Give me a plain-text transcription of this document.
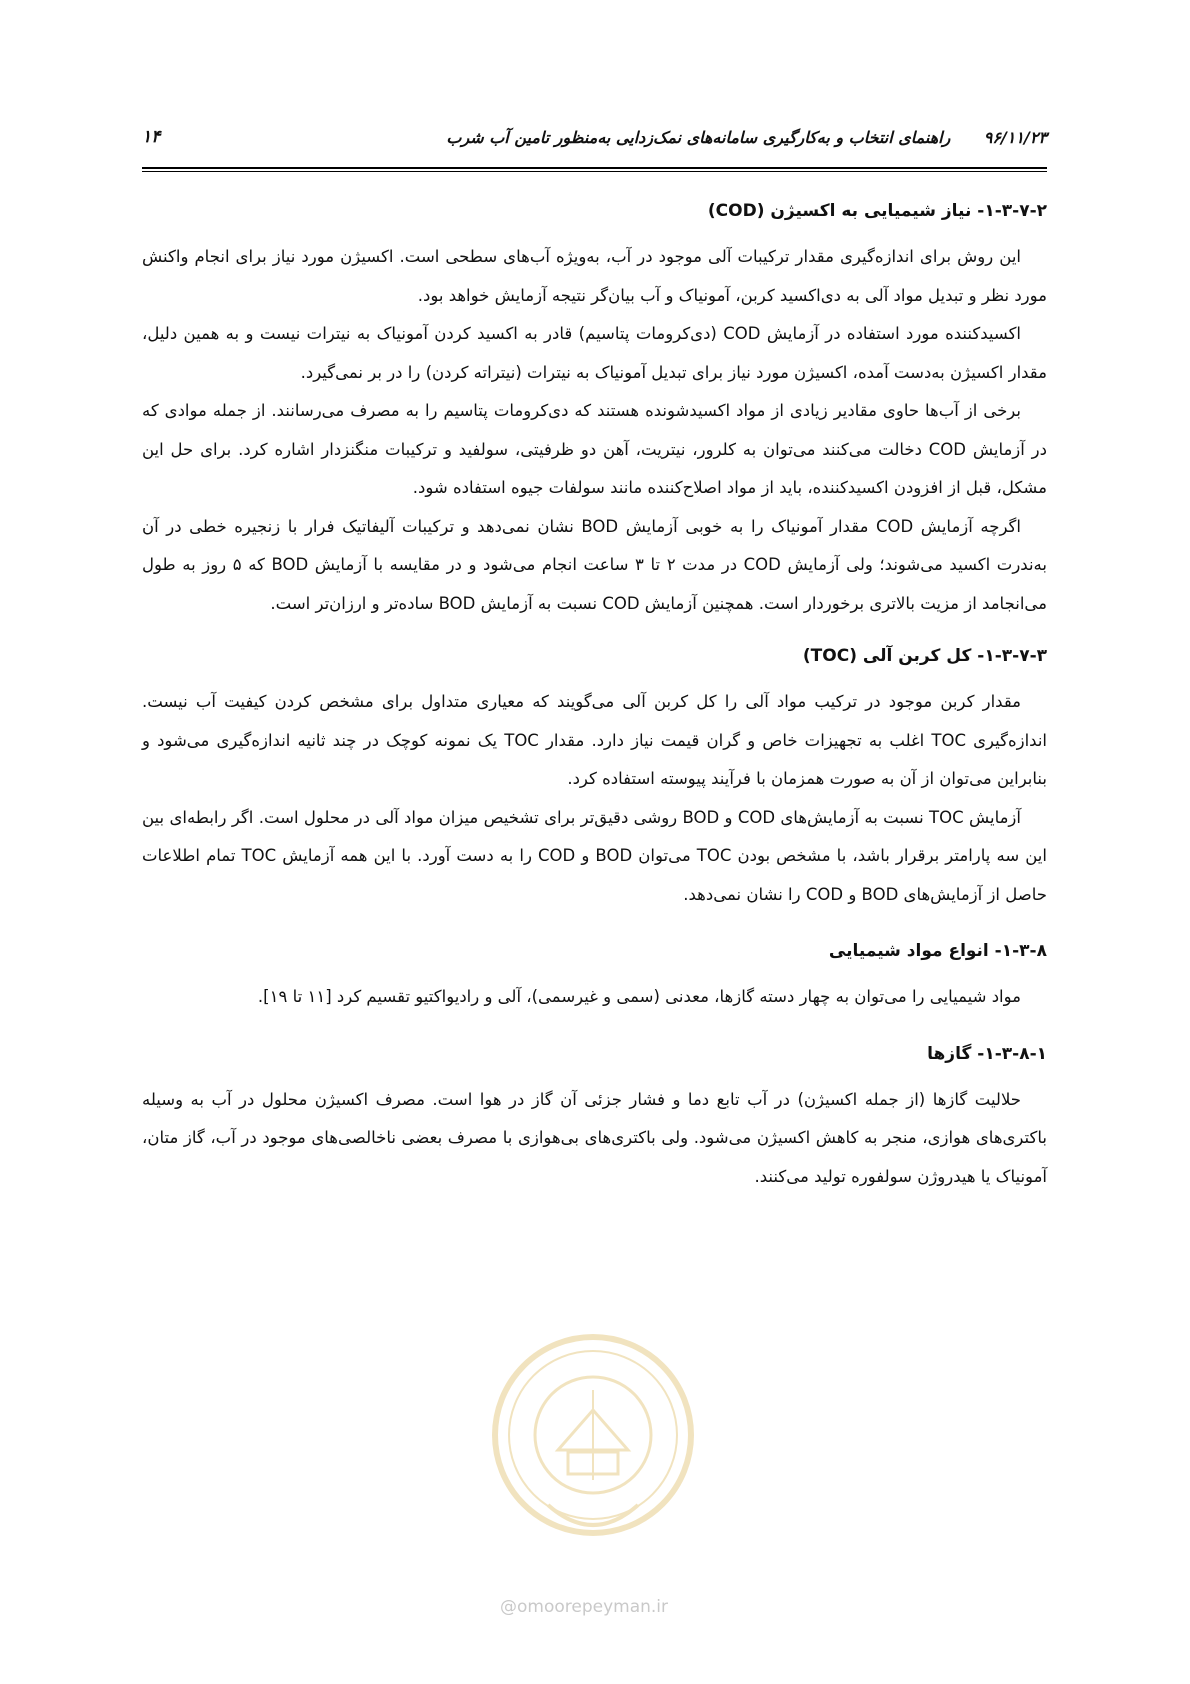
۹۶/۱۱/۲۳      راهنمای انتخاب و به‌کارگیری سامانه‌های نمک‌زدایی به‌منظور تامین آب شرب
۱۴
۱-۳-۷-۲- نیاز شیمیایی به اکسیژن (COD)

این روش برای اندازه‌گیری مقدار ترکیبات آلی موجود در آب، به‌ویژه آب‌های سطحی است. اکسیژن مورد نیاز برای انجام واکنش مورد نظر و تبدیل مواد آلی به دی‌اکسید کربن، آمونیاک و آب بیان‌گر نتیجه آزمایش خواهد بود.

اکسیدکننده مورد استفاده در آزمایش COD (دی‌کرومات پتاسیم) قادر به اکسید کردن آمونیاک به نیترات نیست و به همین دلیل، مقدار اکسیژن به‌دست آمده، اکسیژن مورد نیاز برای تبدیل آمونیاک به نیترات (نیتراته کردن) را در بر نمی‌گیرد.

برخی از آب‌ها حاوی مقادیر زیادی از مواد اکسیدشونده هستند که دی‌کرومات پتاسیم را به مصرف می‌رسانند. از جمله موادی که در آزمایش COD دخالت می‌کنند می‌توان به کلرور، نیتریت، آهن دو ظرفیتی، سولفید و ترکیبات منگنزدار اشاره کرد. برای حل این مشکل، قبل از افزودن اکسیدکننده، باید از مواد اصلاح‌کننده مانند سولفات جیوه استفاده شود.

اگرچه آزمایش COD مقدار آمونیاک را به خوبی آزمایش BOD نشان نمی‌دهد و ترکیبات آلیفاتیک فرار با زنجیره خطی در آن به‌ندرت اکسید می‌شوند؛ ولی آزمایش COD در مدت ۲ تا ۳ ساعت انجام می‌شود و در مقایسه با آزمایش BOD که ۵ روز به طول می‌انجامد از مزیت بالاتری برخوردار است. همچنین آزمایش COD نسبت به آزمایش BOD ساده‌تر و ارزان‌تر است.

۱-۳-۷-۳- کل کربن آلی (TOC)

مقدار کربن موجود در ترکیب مواد آلی را کل کربن آلی می‌گویند که معیاری متداول برای مشخص کردن کیفیت آب نیست. اندازه‌گیری TOC اغلب به تجهیزات خاص و گران قیمت نیاز دارد. مقدار TOC یک نمونه کوچک در چند ثانیه اندازه‌گیری می‌شود و بنابراین می‌توان از آن به صورت همزمان با فرآیند پیوسته استفاده کرد.

آزمایش TOC نسبت به آزمایش‌های COD و BOD روشی دقیق‌تر برای تشخیص میزان مواد آلی در محلول است. اگر رابطه‌ای بین این سه پارامتر برقرار باشد، با مشخص بودن TOC می‌توان BOD و COD را به دست آورد. با این همه آزمایش TOC تمام اطلاعات حاصل از آزمایش‌های BOD و COD را نشان نمی‌دهد.

۱-۳-۸- انواع مواد شیمیایی

مواد شیمیایی را می‌توان به چهار دسته گازها، معدنی (سمی و غیرسمی)، آلی و رادیواکتیو تقسیم کرد [۱۱ تا ۱۹].

۱-۳-۸-۱- گازها

حلالیت گازها (از جمله اکسیژن) در آب تابع دما و فشار جزئی آن گاز در هوا است. مصرف اکسیژن محلول در آب به وسیله باکتری‌های هوازی، منجر به کاهش اکسیژن می‌شود. ولی باکتری‌های بی‌هوازی با مصرف بعضی ناخالصی‌های موجود در آب، گاز متان، آمونیاک یا هیدروژن سولفوره تولید می‌کنند.

@omoorepeyman.ir
